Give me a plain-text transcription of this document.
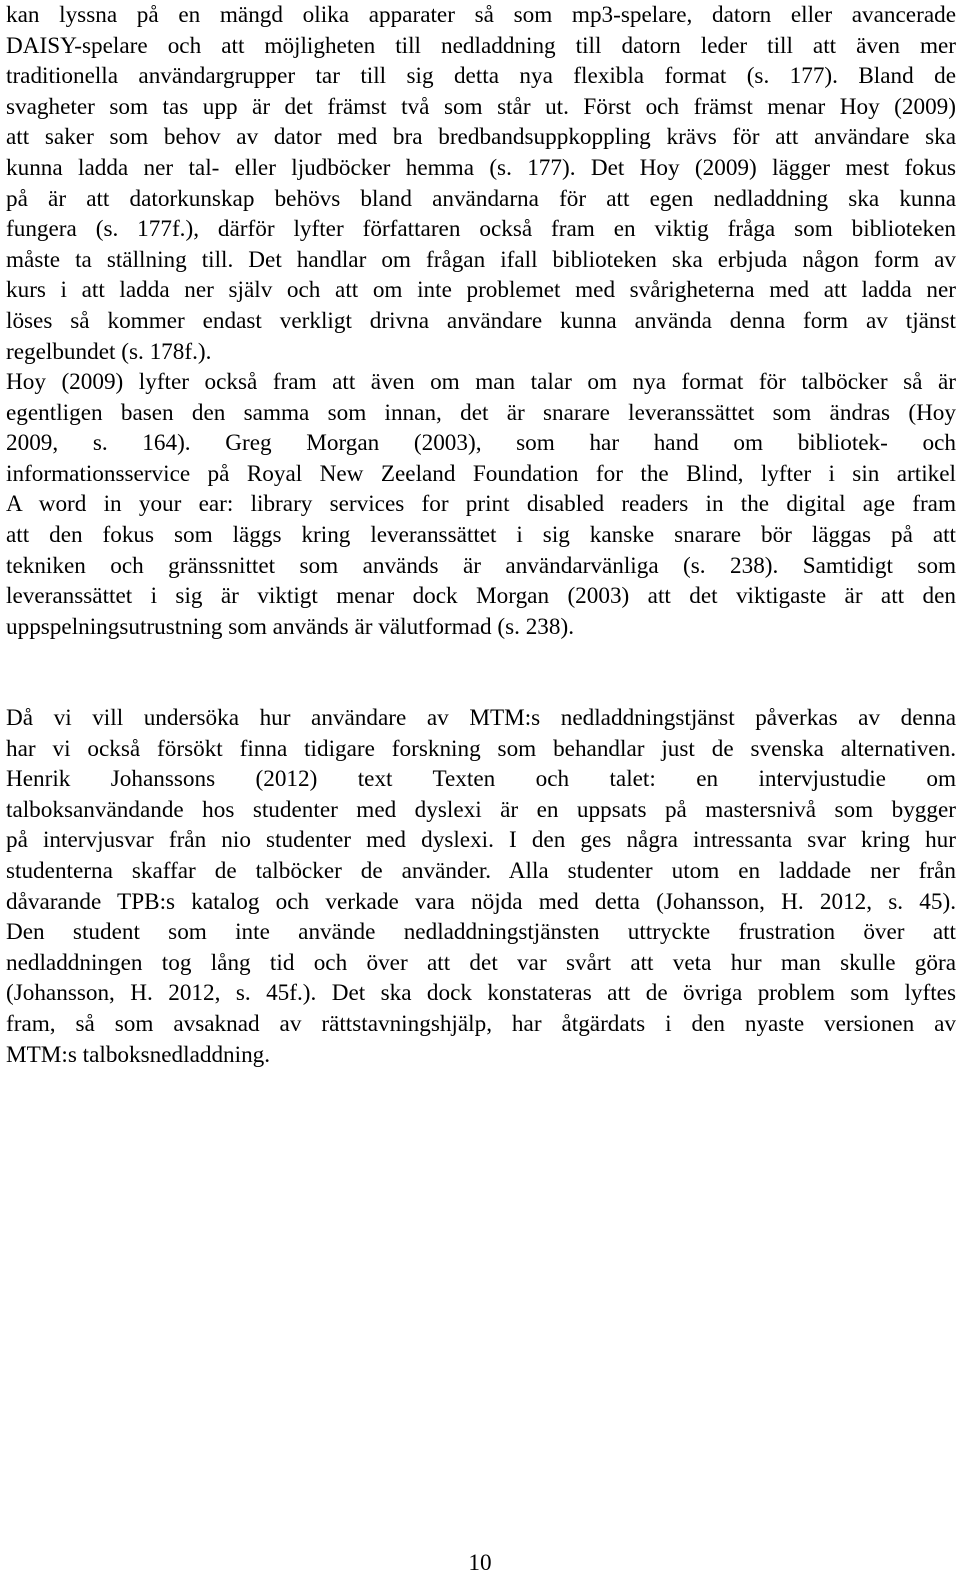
kan lyssna på en mängd olika apparater så som mp3-spelare, datorn eller avancerade
DAISY-spelare och att möjligheten till nedladdning till datorn leder till att även mer
traditionella användargrupper tar till sig detta nya flexibla format (s. 177). Bland de
svagheter som tas upp är det främst två som står ut. Först och främst menar Hoy (2009)
att saker som behov av dator med bra bredbandsuppkoppling krävs för att användare ska
kunna ladda ner tal- eller ljudböcker hemma (s. 177). Det Hoy (2009) lägger mest fokus
på är att datorkunskap behövs bland användarna för att egen nedladdning ska kunna
fungera (s. 177f.), därför lyfter författaren också fram en viktig fråga som biblioteken
måste ta ställning till. Det handlar om frågan ifall biblioteken ska erbjuda någon form av
kurs i att ladda ner själv och att om inte problemet med svårigheterna med att ladda ner
löses så kommer endast verkligt drivna användare kunna använda denna form av tjänst
regelbundet (s. 178f.).
Hoy (2009) lyfter också fram att även om man talar om nya format för talböcker så är
egentligen basen den samma som innan, det är snarare leveranssättet som ändras (Hoy
2009, s. 164). Greg Morgan (2003), som har hand om bibliotek- och
informationsservice på Royal New Zeeland Foundation for the Blind, lyfter i sin artikel
A word in your ear: library services for print disabled readers in the digital age fram
att den fokus som läggs kring leveranssättet i sig kanske snarare bör läggas på att
tekniken och gränssnittet som används är användarvänliga (s. 238). Samtidigt som
leveranssättet i sig är viktigt menar dock Morgan (2003) att det viktigaste är att den
uppspelningsutrustning som används är välutformad (s. 238).
Då vi vill undersöka hur användare av MTM:s nedladdningstjänst påverkas av denna
har vi också försökt finna tidigare forskning som behandlar just de svenska alternativen.
Henrik Johanssons (2012) text Texten och talet: en intervjustudie om
talboksanvändande hos studenter med dyslexi är en uppsats på mastersnivå som bygger
på intervjusvar från nio studenter med dyslexi. I den ges några intressanta svar kring hur
studenterna skaffar de talböcker de använder. Alla studenter utom en laddade ner från
dåvarande TPB:s katalog och verkade vara nöjda med detta (Johansson, H. 2012, s. 45).
Den student som inte använde nedladdningstjänsten uttryckte frustration över att
nedladdningen tog lång tid och över att det var svårt att veta hur man skulle göra
(Johansson, H. 2012, s. 45f.). Det ska dock konstateras att de övriga problem som lyftes
fram, så som avsaknad av rättstavningshjälp, har åtgärdats i den nyaste versionen av
MTM:s talboksnedladdning.
10
